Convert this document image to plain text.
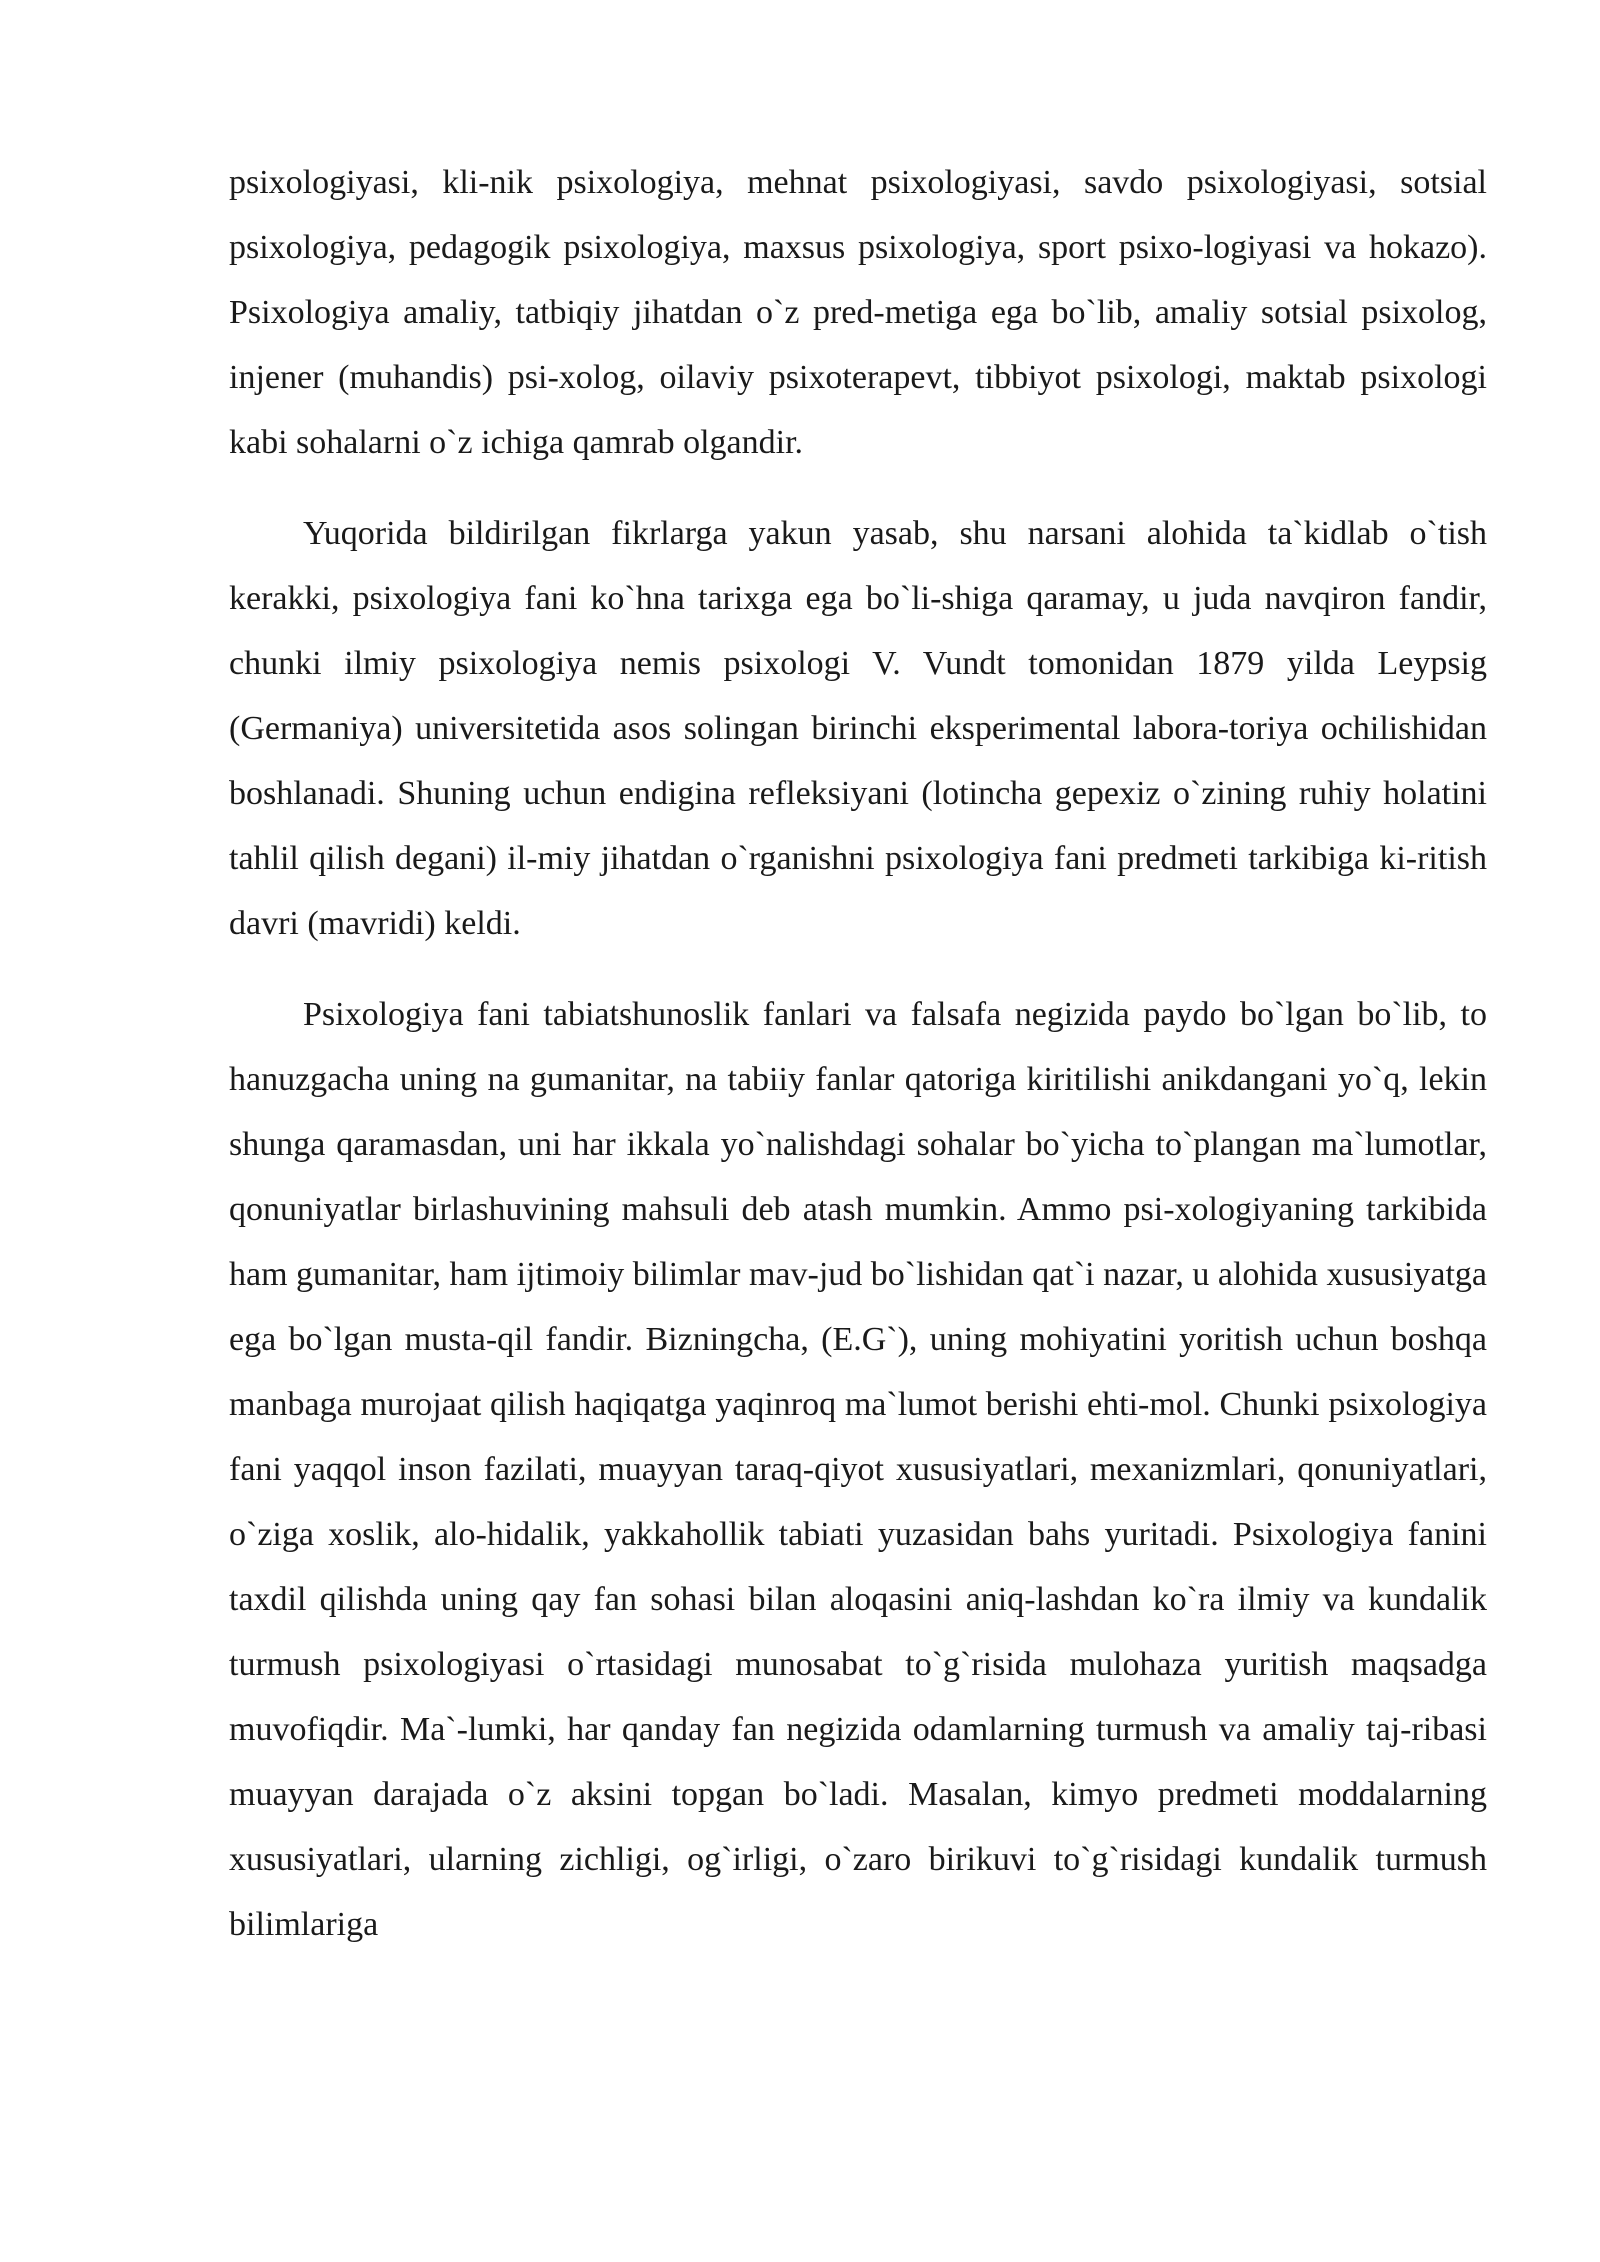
psixologiyasi, kli-nik psixologiya, mehnat psixologiyasi, savdo psixologiyasi, sotsial psixologiya, pedagogik psixologiya, maxsus psixologiya, sport psixo-logiyasi va hokazo). Psixologiya amaliy, tatbiqiy jihatdan o`z pred-metiga ega bo`lib, amaliy sotsial psixolog, injener (muhandis) psi-xolog, oilaviy psixoterapevt, tibbiyot psixologi, maktab psixologi kabi sohalarni o`z ichiga qamrab olgandir.

Yuqorida bildirilgan fikrlarga yakun yasab, shu narsani alohida ta`kidlab o`tish kerakki, psixologiya fani ko`hna tarixga ega bo`li-shiga qaramay, u juda navqiron fandir, chunki ilmiy psixologiya nemis psixologi V. Vundt tomonidan 1879 yilda Leypsig (Germaniya) universitetida asos solingan birinchi eksperimental labora-toriya ochilishidan boshlanadi. Shuning uchun endigina refleksiyani (lotincha gepexiz o`zining ruhiy holatini tahlil qilish degani) il-miy jihatdan o`rganishni psixologiya fani predmeti tarkibiga ki-ritish davri (mavridi) keldi.

Psixologiya fani tabiatshunoslik fanlari va falsafa negizida paydo bo`lgan bo`lib, to hanuzgacha uning na gumanitar, na tabiiy fanlar qatoriga kiritilishi anikdangani yo`q, lekin shunga qaramasdan, uni har ikkala yo`nalishdagi sohalar bo`yicha to`plangan ma`lumotlar, qonuniyatlar birlashuvining mahsuli deb atash mumkin. Ammo psi-xologiyaning tarkibida ham gumanitar, ham ijtimoiy bilimlar mav-jud bo`lishidan qat`i nazar, u alohida xususiyatga ega bo`lgan musta-qil fandir. Bizningcha, (E.G`), uning mohiyatini yoritish uchun boshqa manbaga murojaat qilish haqiqatga yaqinroq ma`lumot berishi ehti-mol. Chunki psixologiya fani yaqqol inson fazilati, muayyan taraq-qiyot xususiyatlari, mexanizmlari, qonuniyatlari, o`ziga xoslik, alo-hidalik, yakkahollik tabiati yuzasidan bahs yuritadi. Psixologiya fanini taxdil qilishda uning qay fan sohasi bilan aloqasini aniq-lashdan ko`ra ilmiy va kundalik turmush psixologiyasi o`rtasidagi munosabat to`g`risida mulohaza yuritish maqsadga muvofiqdir. Ma`-lumki, har qanday fan negizida odamlarning turmush va amaliy taj-ribasi muayyan darajada o`z aksini topgan bo`ladi. Masalan, kimyo predmeti moddalarning xususiyatlari, ularning zichligi, og`irligi, o`zaro birikuvi to`g`risidagi kundalik turmush bilimlariga
